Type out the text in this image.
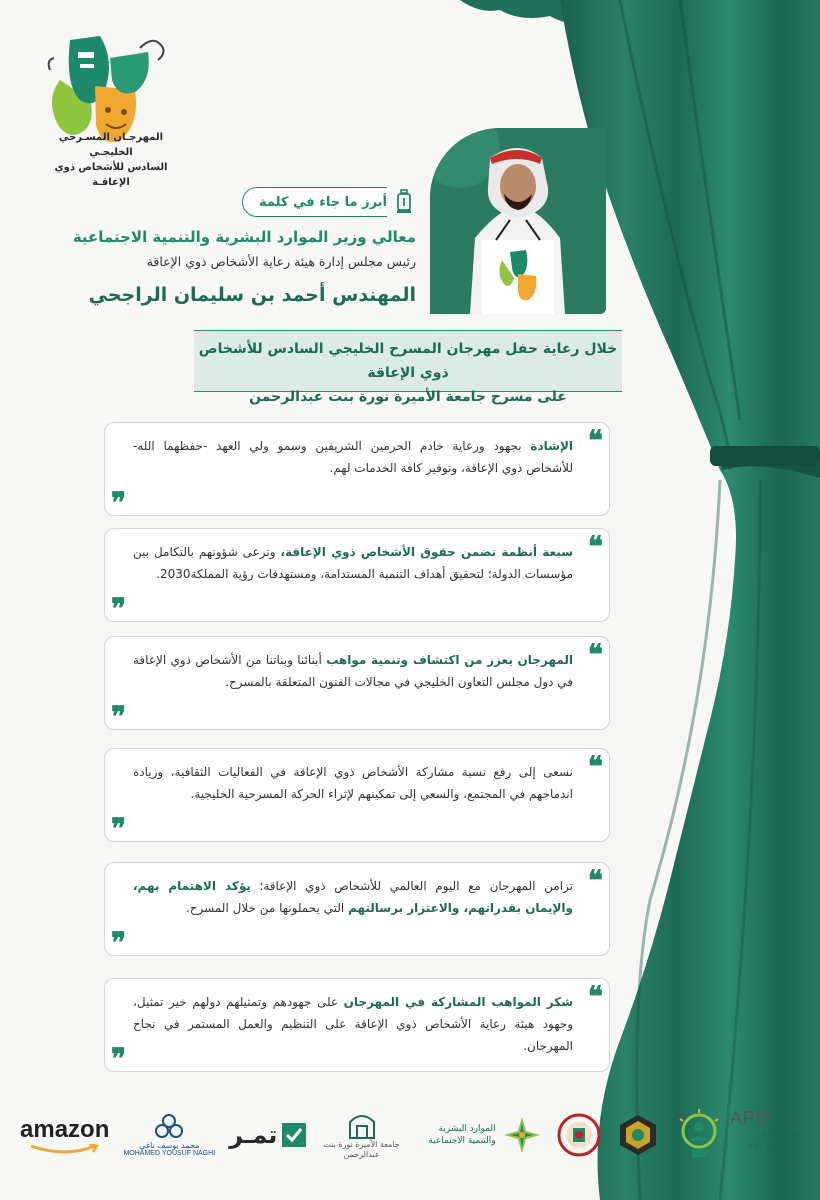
المهرجـان المسـرحي الخليجـي
السادس للأشخاص ذوي الإعاقـة
أبرز ما جاء في كلمة
معالي وزير الموارد البشرية والتنمية الاجتماعية
رئيس مجلس إدارة هيئة رعاية الأشخاص ذوي الإعاقة
المهندس أحمد بن سليمان الراجحي
خلال رعاية حفل مهرجان المسرح الخليجي السادس للأشخاص ذوي الإعاقة
على مسرح جامعة الأميرة نورة بنت عبدالرحمن
❝
الإشادة بجهود ورعاية خادم الحرمين الشريفين وسمو ولي العهد -حفظهما الله- للأشخاص ذوي الإعاقة، وتوفير كافة الخدمات لهم.
❞
❝
سبعة أنظمة تضمن حقوق الأشخاص ذوي الإعاقة، وترعى شؤونهم بالتكامل بين مؤسسات الدولة؛ لتحقيق أهداف التنمية المستدامة، ومستهدفات رؤية المملكة2030.
❞
❝
المهرجان يعزز من اكتشاف وتنمية مواهب أبنائنا وبناتنا من الأشخاص ذوي الإعاقة في دول مجلس التعاون الخليجي في مجالات الفنون المتعلقة بالمسرح.
❞
❝
نسعى إلى رفع نسبة مشاركة الأشخاص ذوي الإعاقة في الفعاليات الثقافية، وزيادة اندماجهم في المجتمع، والسعي إلى تمكينهم لإثراء الحركة المسرحية الخليجية.
❞
❝
تزامن المهرجان مع اليوم العالمي للأشخاص ذوي الإعاقة؛ يؤكد الاهتمام بهم، والإيمان بقدراتهم، والاعتزاز برسالتهم التي يحملونها من خلال المسرح.
❞
❝
شكر المواهب المشاركة في المهرجان على جهودهم وتمثيلهم دولهم خير تمثيل، وجهود هيئة رعاية الأشخاص ذوي الإعاقة على التنظيم والعمل المستمر في نجاح المهرجان.
❞
APD
هيئة رعاية الأشخاص ذوي الإعاقة
الموارد البشرية والتنمية الاجتماعية
جامعة الأميرة نورة بنت عبدالرحمن
تمـر
محمد يوسف ناغي
MOHAMED YOUSUF NAGHI
amazon
